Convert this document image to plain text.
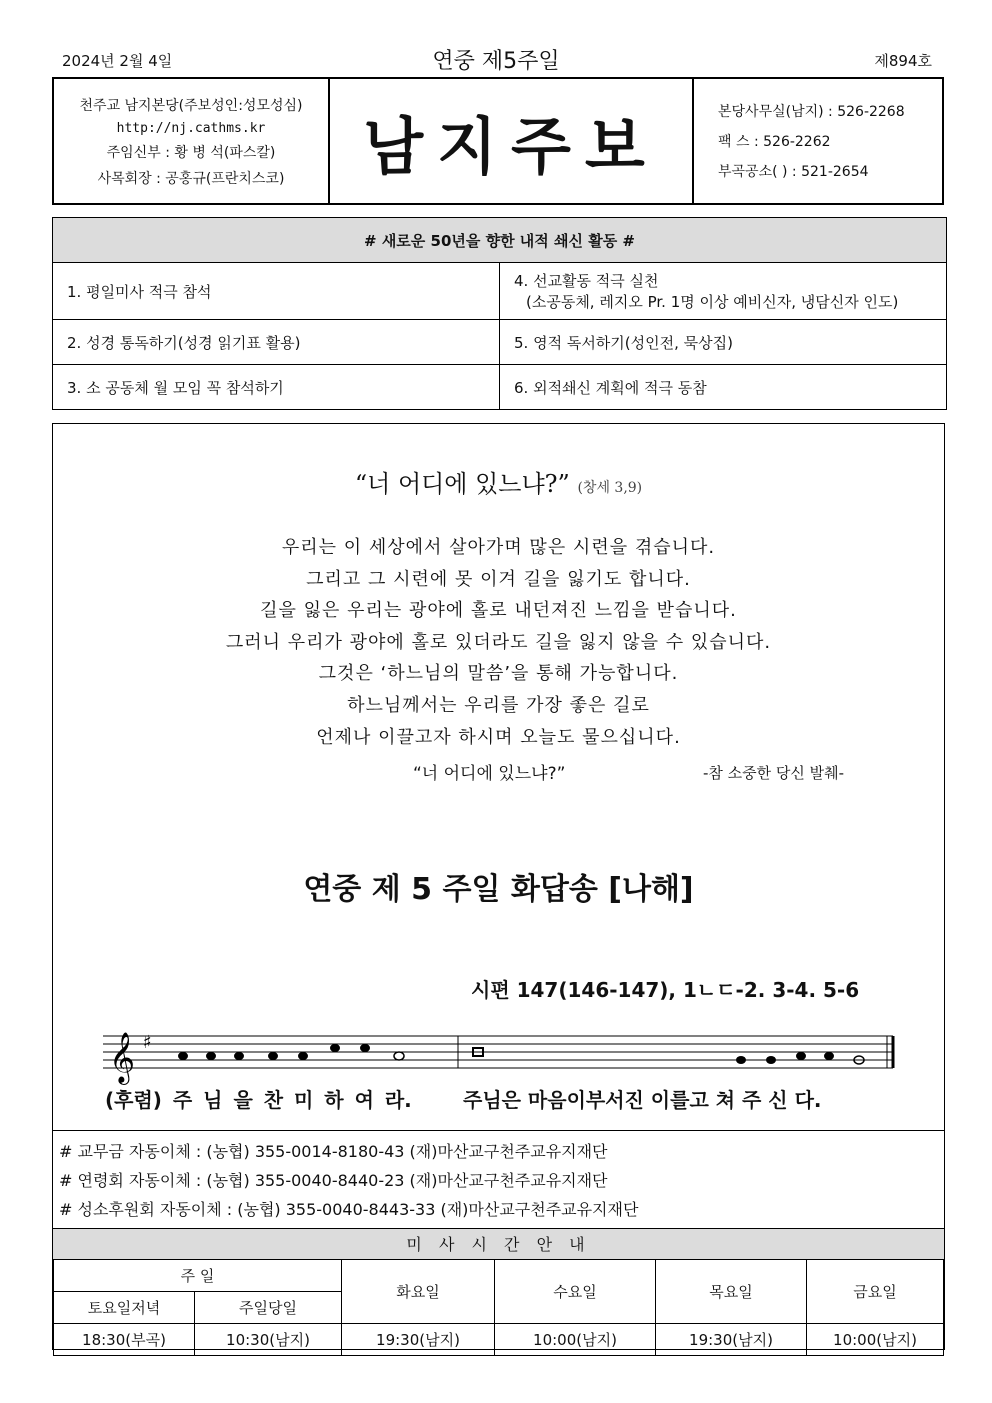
2024년 2월 4일	연중 제5주일	제894호
천주교 남지본당(주보성인:성모성심)
http://nj.cathms.kr
주임신부 : 황 병 석(파스칼)
사목회장 : 공홍규(프란치스코)	남지주보	본당사무실(남지) : 526-2268
팩 스 : 526-2262
부곡공소( ) : 521-2654
# 새로운 50년을 향한 내적 쇄신 활동 #	
1. 평일미사 적극 참석	4. 선교활동 적극 실천
(소공동체, 레지오 Pr. 1명 이상 예비신자, 냉담신자 인도)

2. 성경 통독하기(성경 읽기표 활용)	5. 영적 독서하기(성인전, 묵상집)
3. 소 공동체 월 모임 꼭 참석하기	6. 외적쇄신 계획에 적극 동참
“너 어디에 있느냐?” (창세 3,9)
우리는 이 세상에서 살아가며 많은 시련을 겪습니다.
그리고 그 시련에 못 이겨 길을 잃기도 합니다.
길을 잃은 우리는 광야에 홀로 내던져진 느낌을 받습니다.
그러니 우리가 광야에 홀로 있더라도 길을 잃지 않을 수 있습니다.
그것은 ‘하느님의 말씀’을 통해 가능합니다.
하느님께서는 우리를 가장 좋은 길로
언제나 이끌고자 하시며 오늘도 물으십니다.
“너 어디에 있느냐?”	-참 소중한 당신 발췌-
연중 제 5 주일 화답송 [나해]
시편 147(146-147), 1ㄴㄷ-2. 3-4. 5-6
𝄞 ♯
(후렴) 주 님 을 찬 미 하 여 라.	주님은 마음이부서진 이를고 쳐 주 신 다.
# 교무금 자동이체 : (농협) 355-0014-8180-43 (재)마산교구천주교유지재단
# 연령회 자동이체 : (농협) 355-0040-8440-23 (재)마산교구천주교유지재단
# 성소후원회 자동이체 : (농협) 355-0040-8443-33 (재)마산교구천주교유지재단
미 사 시 간 안 내
주 일		화요일	수요일	목요일	금요일
토요일저녁	주일당일				
18:30(부곡)	10:30(남지)	19:30(남지)	10:00(남지)	19:30(남지)	10:00(남지)
